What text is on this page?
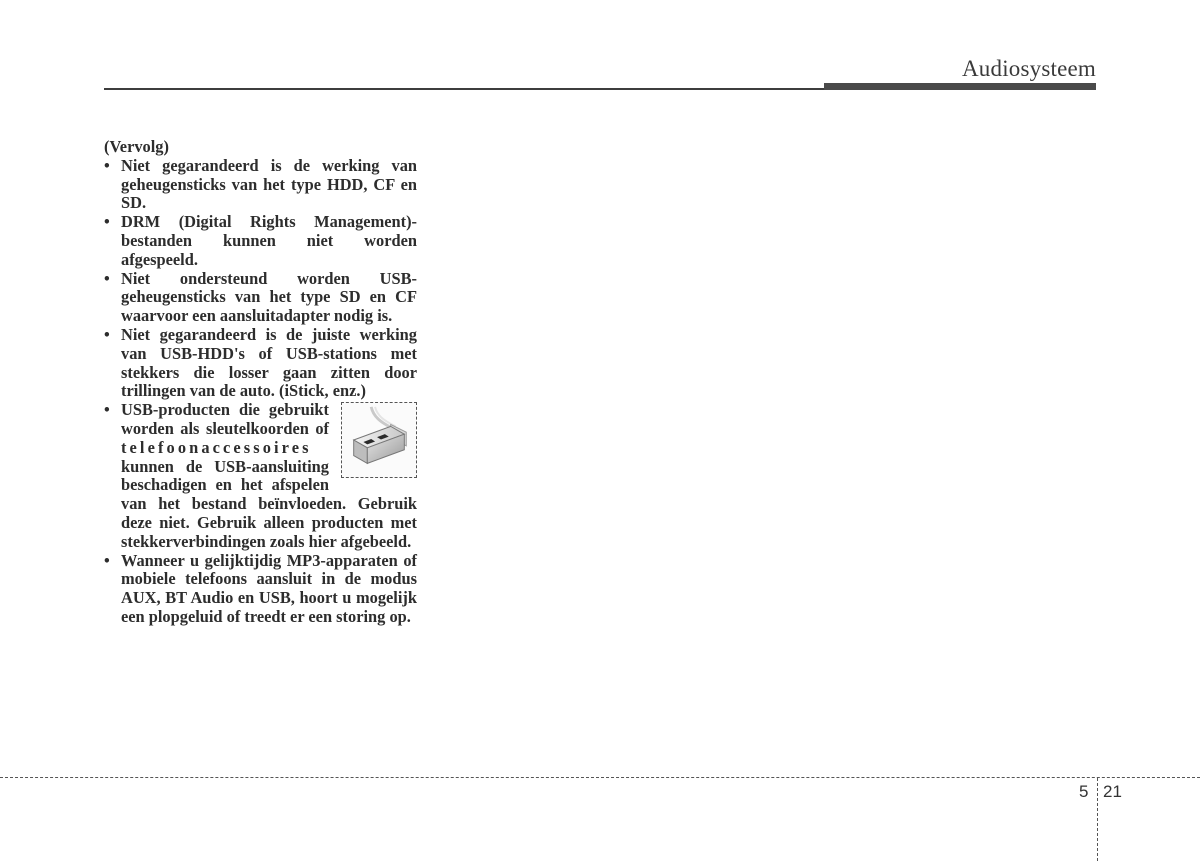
Audiosysteem

(Vervolg)

• Niet gegarandeerd is de werking van geheugensticks van het type HDD, CF en SD.
• DRM (Digital Rights Management)-bestanden kunnen niet worden afgespeeld.
• Niet ondersteund worden USB-geheugensticks van het type SD en CF waarvoor een aansluitadapter nodig is.
• Niet gegarandeerd is de juiste werking van USB-HDD's of USB-stations met stekkers die losser gaan zitten door trillingen van de auto. (iStick, enz.)
• USB-producten die gebruikt worden als sleutelkoorden of telefoonaccessoires kunnen de USB-aansluiting beschadigen en het afspelen van het bestand beïnvloeden. Gebruik deze niet. Gebruik alleen producten met stekkerverbindingen zoals hier afgebeeld.
• Wanneer u gelijktijdig MP3-apparaten of mobiele telefoons aansluit in de modus AUX, BT Audio en USB, hoort u mogelijk een plopgeluid of treedt er een storing op.
5 21
